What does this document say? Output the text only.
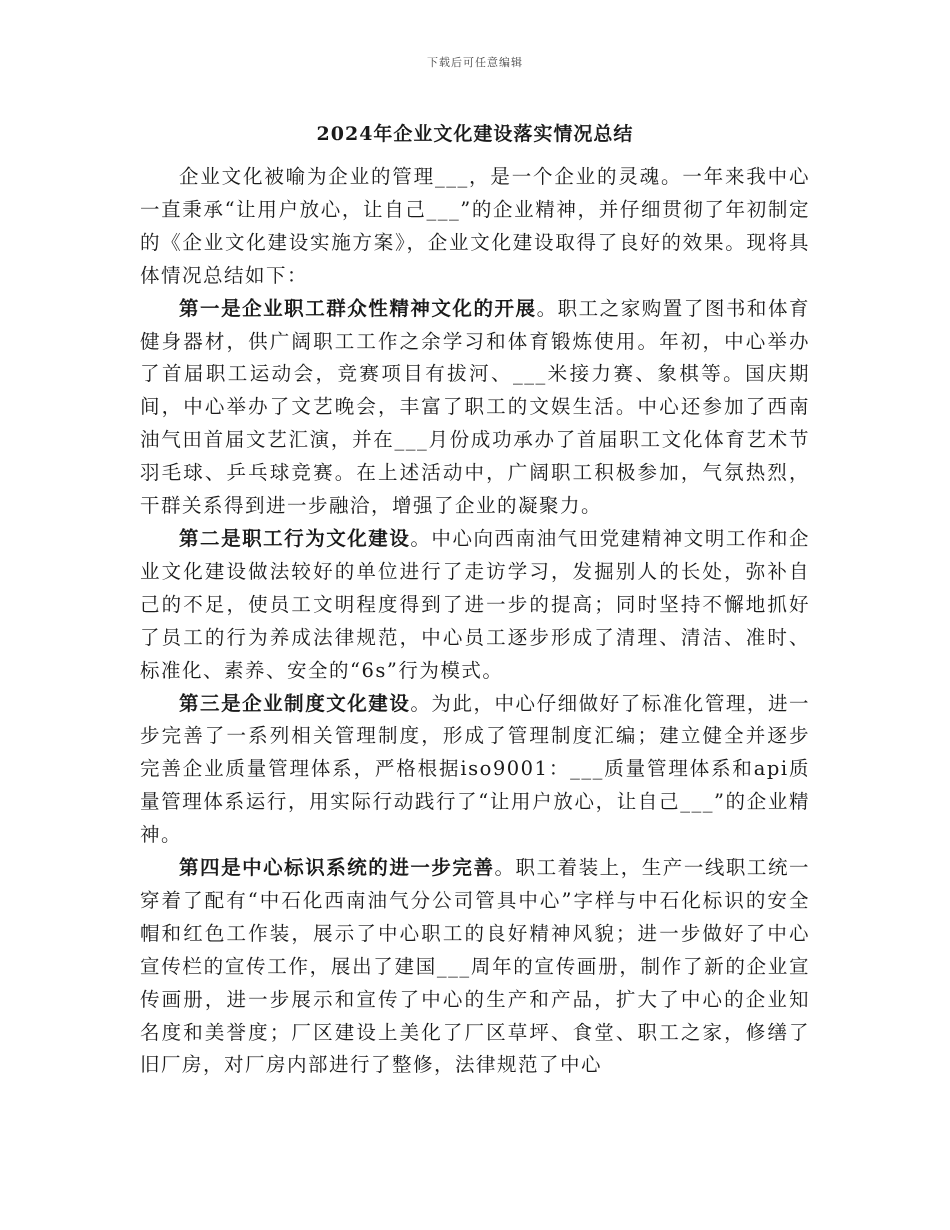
下载后可任意编辑
2024年企业文化建设落实情况总结

企业文化被喻为企业的管理___，是一个企业的灵魂。一年来我中心一直秉承“让用户放心，让自己___”的企业精神，并仔细贯彻了年初制定的《企业文化建设实施方案》，企业文化建设取得了良好的效果。现将具体情况总结如下：

第一是企业职工群众性精神文化的开展。职工之家购置了图书和体育健身器材，供广阔职工工作之余学习和体育锻炼使用。年初，中心举办了首届职工运动会，竞赛项目有拔河、___米接力赛、象棋等。国庆期间，中心举办了文艺晚会，丰富了职工的文娱生活。中心还参加了西南油气田首届文艺汇演，并在___月份成功承办了首届职工文化体育艺术节羽毛球、乒乓球竞赛。在上述活动中，广阔职工积极参加，气氛热烈，干群关系得到进一步融洽，增强了企业的凝聚力。

第二是职工行为文化建设。中心向西南油气田党建精神文明工作和企业文化建设做法较好的单位进行了走访学习，发掘别人的长处，弥补自己的不足，使员工文明程度得到了进一步的提高；同时坚持不懈地抓好了员工的行为养成法律规范，中心员工逐步形成了清理、清洁、准时、标准化、素养、安全的“6s”行为模式。

第三是企业制度文化建设。为此，中心仔细做好了标准化管理，进一步完善了一系列相关管理制度，形成了管理制度汇编；建立健全并逐步完善企业质量管理体系，严格根据iso9001：___质量管理体系和api质量管理体系运行，用实际行动践行了“让用户放心，让自己___”的企业精神。

第四是中心标识系统的进一步完善。职工着装上，生产一线职工统一穿着了配有“中石化西南油气分公司管具中心”字样与中石化标识的安全帽和红色工作装，展示了中心职工的良好精神风貌；进一步做好了中心宣传栏的宣传工作，展出了建国___周年的宣传画册，制作了新的企业宣传画册，进一步展示和宣传了中心的生产和产品，扩大了中心的企业知名度和美誉度；厂区建设上美化了厂区草坪、食堂、职工之家，修缮了旧厂房，对厂房内部进行了整修，法律规范了中心
